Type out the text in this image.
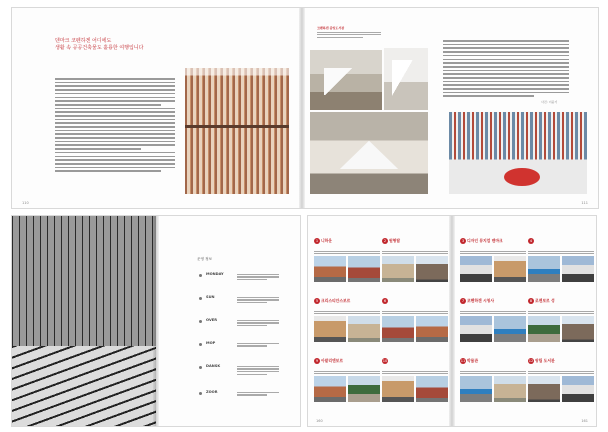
덴마크 코펜하겐 어디에도
생활 속 공공건축물도 훌륭한 여행입니다
110
코펜하겐 중앙도서관
사진: 이윤기
111
운영 정보
MONDAY
SUN
OVER
MOP
DANSK
ZOOR
1 니하운	2 원형탑	3 디자인 뮤지엄 덴마크	4
5 크리스티안스보르	6	7 코펜하겐 시청사	8 로젠보르 성
9 아말리엔보르	10	11 박물관	12 왕립 도서관
160	161
